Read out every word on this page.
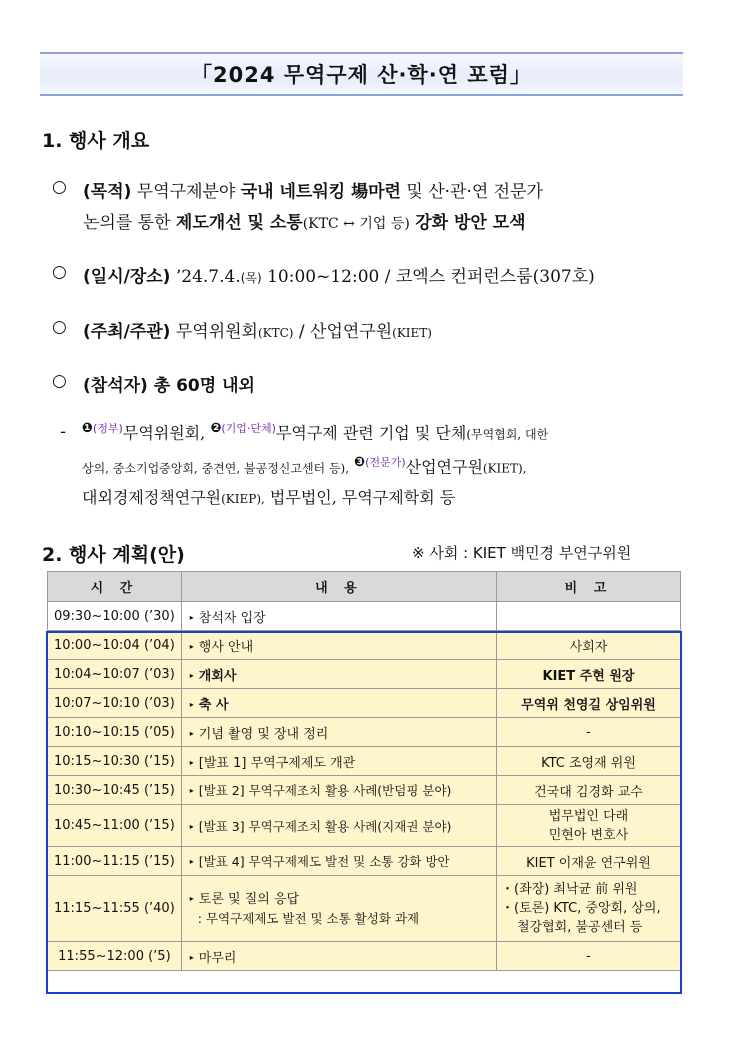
「2024 무역구제 산·학·연 포럼」
1. 행사 개요
○ (목적) 무역구제분야 국내 네트워킹 場마련 및 산·관·연 전문가
논의를 통한 제도개선 및 소통(KTC ↔ 기업 등) 강화 방안 모색
○ (일시/장소) ’24.7.4.(목) 10:00~12:00 / 코엑스 컨퍼런스룸(307호)
○ (주최/주관) 무역위원회(KTC) / 산업연구원(KIET)
○ (참석자) 총 60명 내외
- $^{❶(정부)}$무역위원회, $^{❷(기업\cdot 단체)}$무역구제 관련 기업 및 단체(무역협회, 대한
상의, 중소기업중앙회, 중견연, 불공정신고센터 등), $^{❸(전문가)}$산업연구원(KIET),
대외경제정책연구원(KIEP), 법무법인, 무역구제학회 등
2. 행사 계획(안)	※ 사회 : KIET 백민경 부연구위원
시 간	내 용	비 고
09:30~10:00 (’30)	▸ 참석자 입장	
10:00~10:04 (’04)	▸ 행사 안내	사회자
10:04~10:07 (’03)	▸ 개회사	KIET 주현 원장
10:07~10:10 (’03)	▸ 축 사	무역위 천영길 상임위원
10:10~10:15 (’05)	▸ 기념 촬영 및 장내 정리	-
10:15~10:30 (’15)	▸ [발표 1] 무역구제제도 개관	KTC 조영재 위원
10:30~10:45 (’15)	▸ [발표 2] 무역구제조치 활용 사례(반덤핑 분야)	건국대 김경화 교수
10:45~11:00 (’15)	▸ [발표 3] 무역구제조치 활용 사례(지재권 분야)	법무법인 다래
민현아 변호사

11:00~11:15 (’15)	▸ [발표 4] 무역구제제도 발전 및 소통 강화 방안	KIET 이재윤 연구위원
11:15~11:55 (’40)	▸ 토론 및 질의 응답
: 무역구제제도 발전 및 소통 활성화 과제	・(좌장) 최낙균 前 위원
・(토론) KTC, 중앙회, 상의,
철강협회, 불공센터 등

11:55~12:00 (’5)	▸ 마무리	-
